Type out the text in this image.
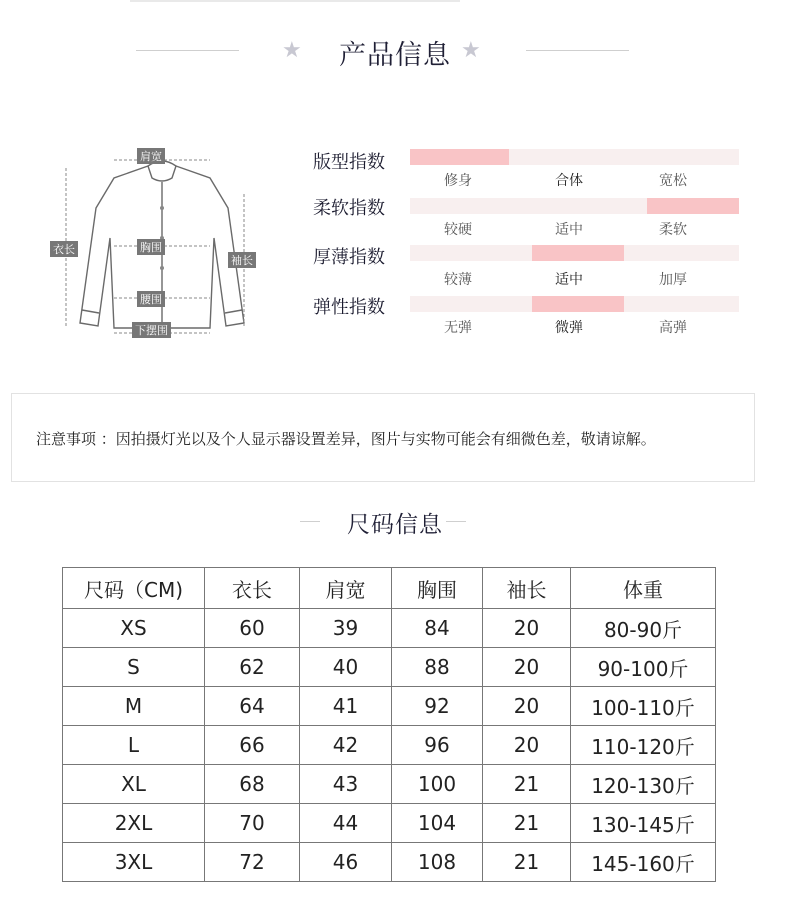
★	产品信息 ★
肩宽
衣长	胸围
袖长
腰围
下摆围
版型指数
修身	合体	宽松
柔软指数
较硬	适中	柔软
厚薄指数
较薄	适中	加厚
弹性指数
无弹	微弹	高弹
注意事项 ：因拍摄灯光以及个人显示器设置差异，图片与实物可能会有细微色差，敬请谅解。
尺码信息
尺码（CM)	衣长	肩宽	胸围	袖长	体重
XS	60	39	84	20	80-90斤
S	62	40	88	20	90-100斤
M	64	41	92	20	100-110斤
L	66	42	96	20	110-120斤
XL	68	43	100	21	120-130斤
2XL	70	44	104	21	130-145斤
3XL	72	46	108	21	145-160斤
